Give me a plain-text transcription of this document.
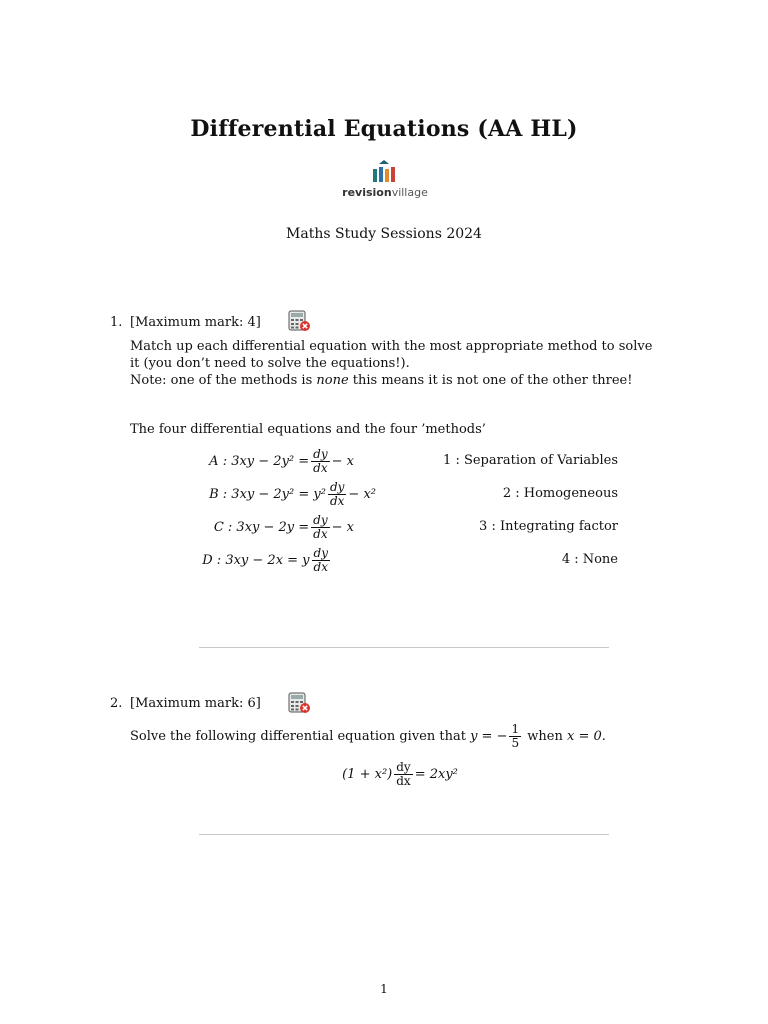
Differential Equations (AA HL)
revisionvillage
Maths Study Sessions 2024
1. [Maximum mark: 4]
Match up each differential equation with the most appropriate method to solve
it (you don’t need to solve the equations!).
Note: one of the methods is none this means it is not one of the other three!
The four differential equations and the four ’methods’
A : $3xy - 2y^2 = \frac{dy}{dx} - x$
B : $3xy - 2y^2 = y^2 \frac{dy}{dx} - x^2$
C : $3xy - 2y = \frac{dy}{dx} - x$
D : 3xy − 2x = y $\frac{dy}{dx}$
1 : Separation of Variables
2 : Homogeneous
3 : Integrating factor
4 : None
2. [Maximum mark: 6]
Solve the following differential equation given that
y = − $\frac{1}{5}$
when
x = 0.
$(1 + x^2) \frac{dy}{dx} = 2xy^2$
1
